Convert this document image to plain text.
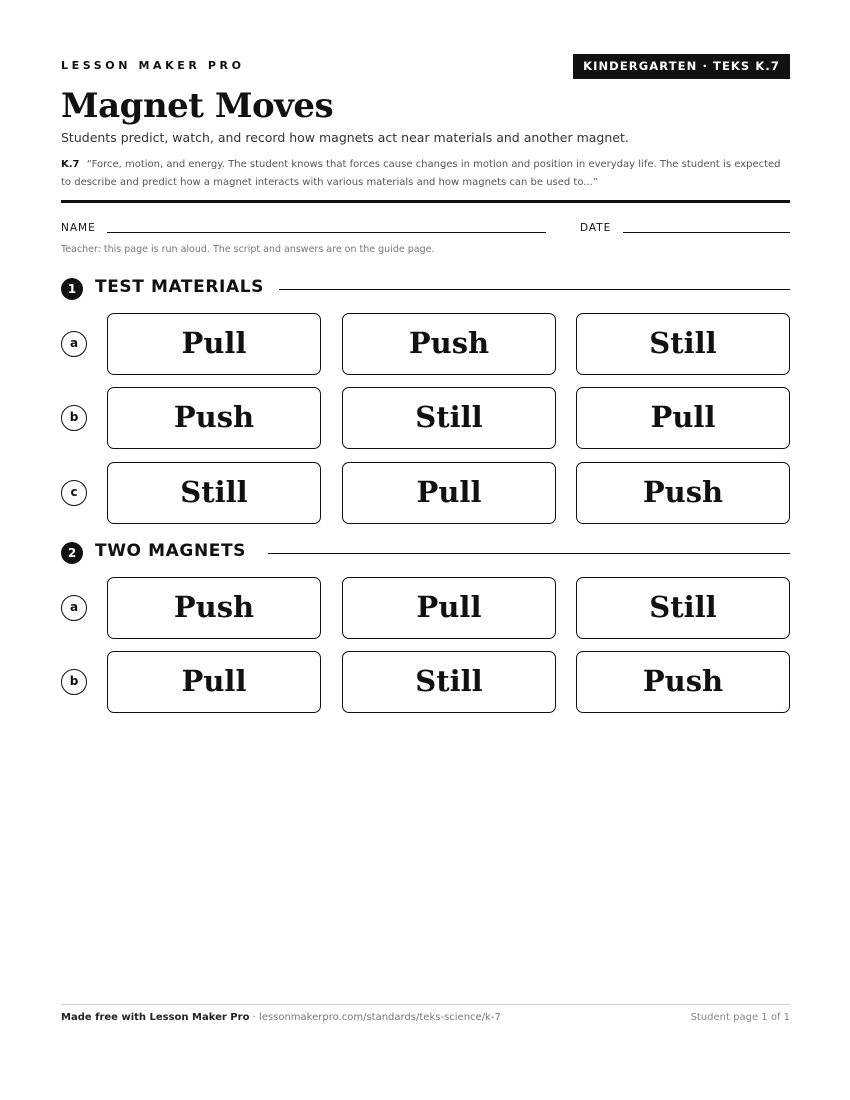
LESSON MAKER PRO	KINDERGARTEN · TEKS K.7
Magnet Moves

Students predict, watch, and record how magnets act near materials and another magnet.

K.7 “Force, motion, and energy. The student knows that forces cause changes in motion and position in everyday life. The student is expected to describe and predict how a magnet interacts with various materials and how magnets can be used to...”

NAME	DATE

Teacher: this page is run aloud. The script and answers are on the guide page.

1	TEST MATERIALS
a	Pull	Push	Still
b	Push	Still	Pull
c	Still	Pull	Push
2	TWO MAGNETS
a	Push	Pull	Still
b	Pull	Still	Push
Made free with Lesson Maker Pro · lessonmakerpro.com/standards/teks-science/k-7	Student page 1 of 1
